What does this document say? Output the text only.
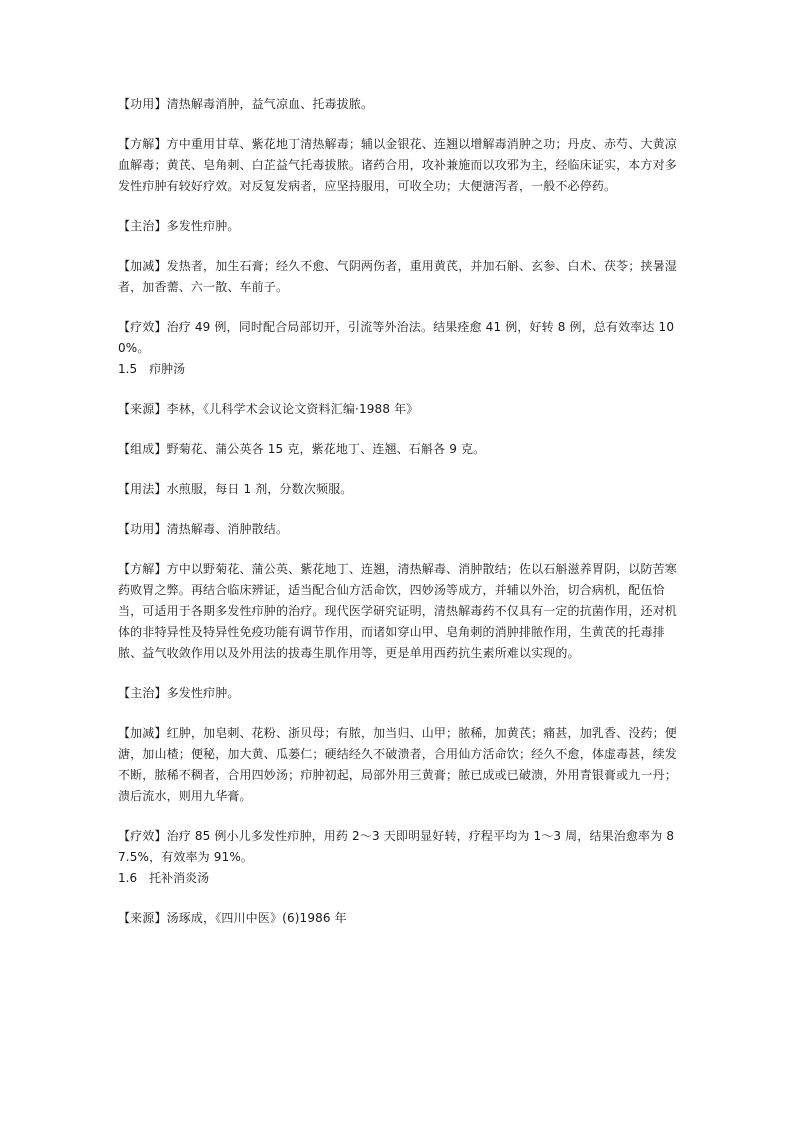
【功用】清热解毒消肿，益气凉血、托毒拔脓。

【方解】方中重用甘草、紫花地丁清热解毒；辅以金银花、连翘以增解毒消肿之功；丹皮、赤芍、大黄凉血解毒；黄芪、皂角刺、白芷益气托毒拔脓。诸药合用，攻补兼施而以攻邪为主，经临床证实，本方对多发性疖肿有较好疗效。对反复发病者，应坚持服用，可收全功；大便溏泻者，一般不必停药。

【主治】多发性疖肿。

【加减】发热者，加生石膏；经久不愈、气阴两伤者，重用黄芪，并加石斛、玄参、白术、茯苓；挟暑湿者，加香薷、六一散、车前子。

【疗效】治疗 49 例，同时配合局部切开，引流等外治法。结果痊愈 41 例，好转 8 例，总有效率达 100%。

1.5 疖肿汤

【来源】李林，《儿科学术会议论文资料汇编·1988 年》

【组成】野菊花、蒲公英各 15 克，紫花地丁、连翘、石斛各 9 克。

【用法】水煎服，每日 1 剂，分数次频服。

【功用】清热解毒、消肿散结。

【方解】方中以野菊花、蒲公英、紫花地丁、连翘，清热解毒、消肿散结；佐以石斛滋养胃阴，以防苦寒药败胃之弊。再结合临床辨证，适当配合仙方活命饮，四妙汤等成方，并辅以外治，切合病机，配伍恰当，可适用于各期多发性疖肿的治疗。现代医学研究证明，清热解毒药不仅具有一定的抗菌作用，还对机体的非特异性及特异性免疫功能有调节作用，而诸如穿山甲、皂角刺的消肿排脓作用，生黄芪的托毒排脓、益气收敛作用以及外用法的拔毒生肌作用等，更是单用西药抗生素所难以实现的。

【主治】多发性疖肿。

【加减】红肿，加皂刺、花粉、浙贝母；有脓，加当归、山甲；脓稀，加黄芪；痛甚，加乳香、没药；便溏，加山楂；便秘，加大黄、瓜蒌仁；硬结经久不破溃者，合用仙方活命饮；经久不愈，体虚毒甚，续发不断，脓稀不稠者，合用四妙汤；疖肿初起，局部外用三黄膏；脓已成或已破溃，外用青银膏或九一丹；溃后流水，则用九华膏。

【疗效】治疗 85 例小儿多发性疖肿，用药 2～3 天即明显好转，疗程平均为 1～3 周，结果治愈率为 87.5%，有效率为 91%。

1.6 托补消炎汤

【来源】汤琢成，《四川中医》(6)1986 年
